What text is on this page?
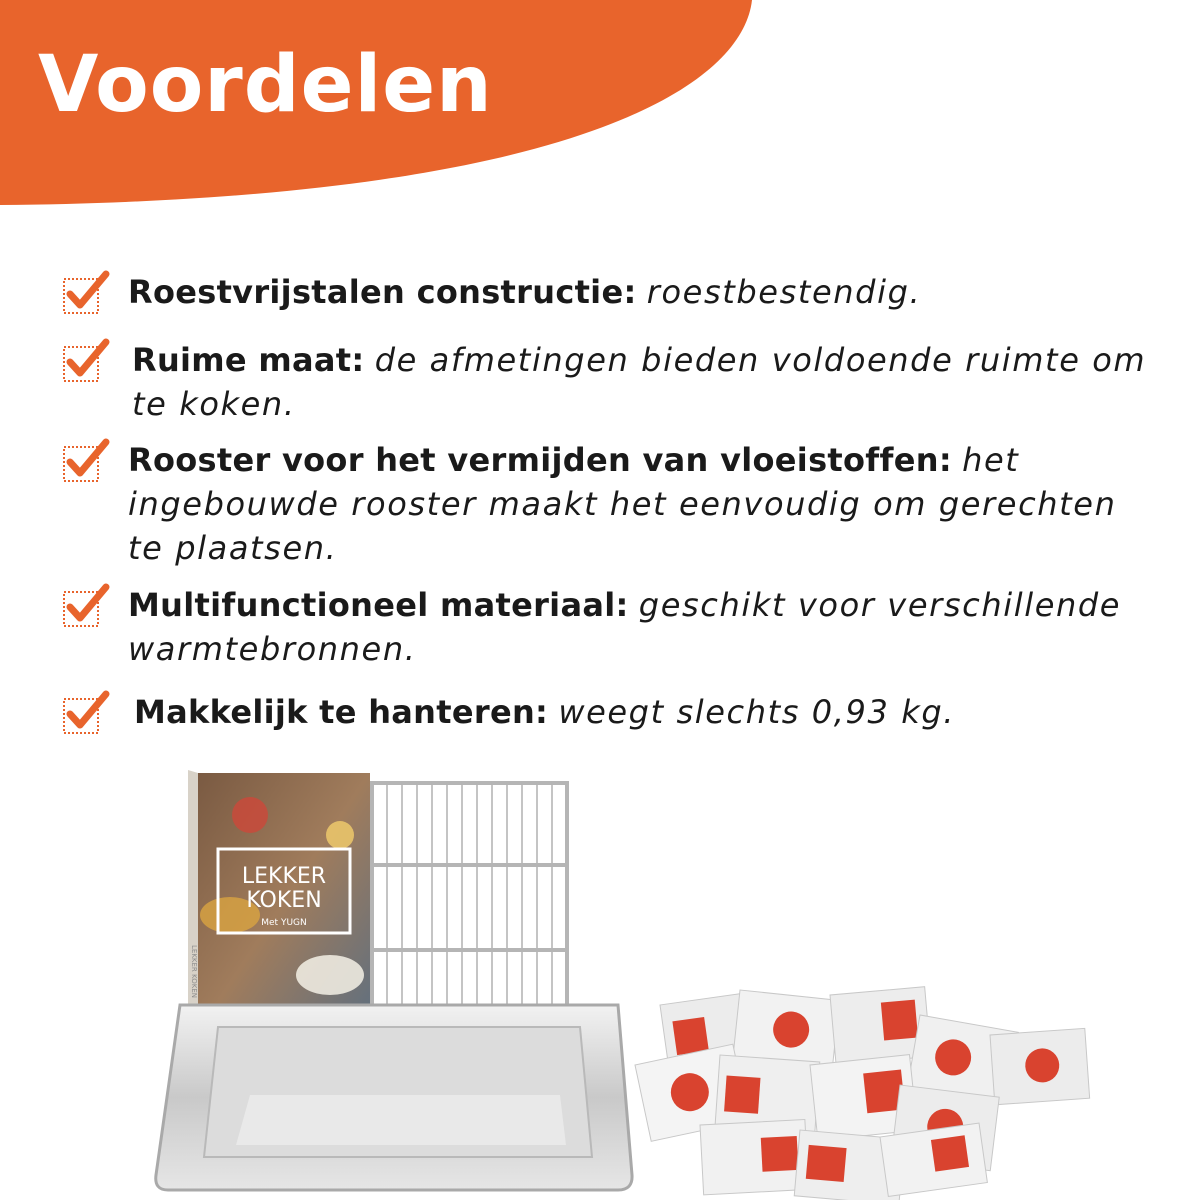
Voordelen
Roestvrijstalen constructie: roestbestendig.
Ruime maat: de afmetingen bieden voldoende ruimte om te koken.
Rooster voor het vermijden van vloeistoffen: het ingebouwde rooster maakt het eenvoudig om gerechten te plaatsen.
Multifunctioneel materiaal: geschikt voor verschillende warmtebronnen.
Makkelijk te hanteren: weegt slechts 0,93 kg.
LEKKER
KOKEN
Met YUGN
LEKKER KOKEN
